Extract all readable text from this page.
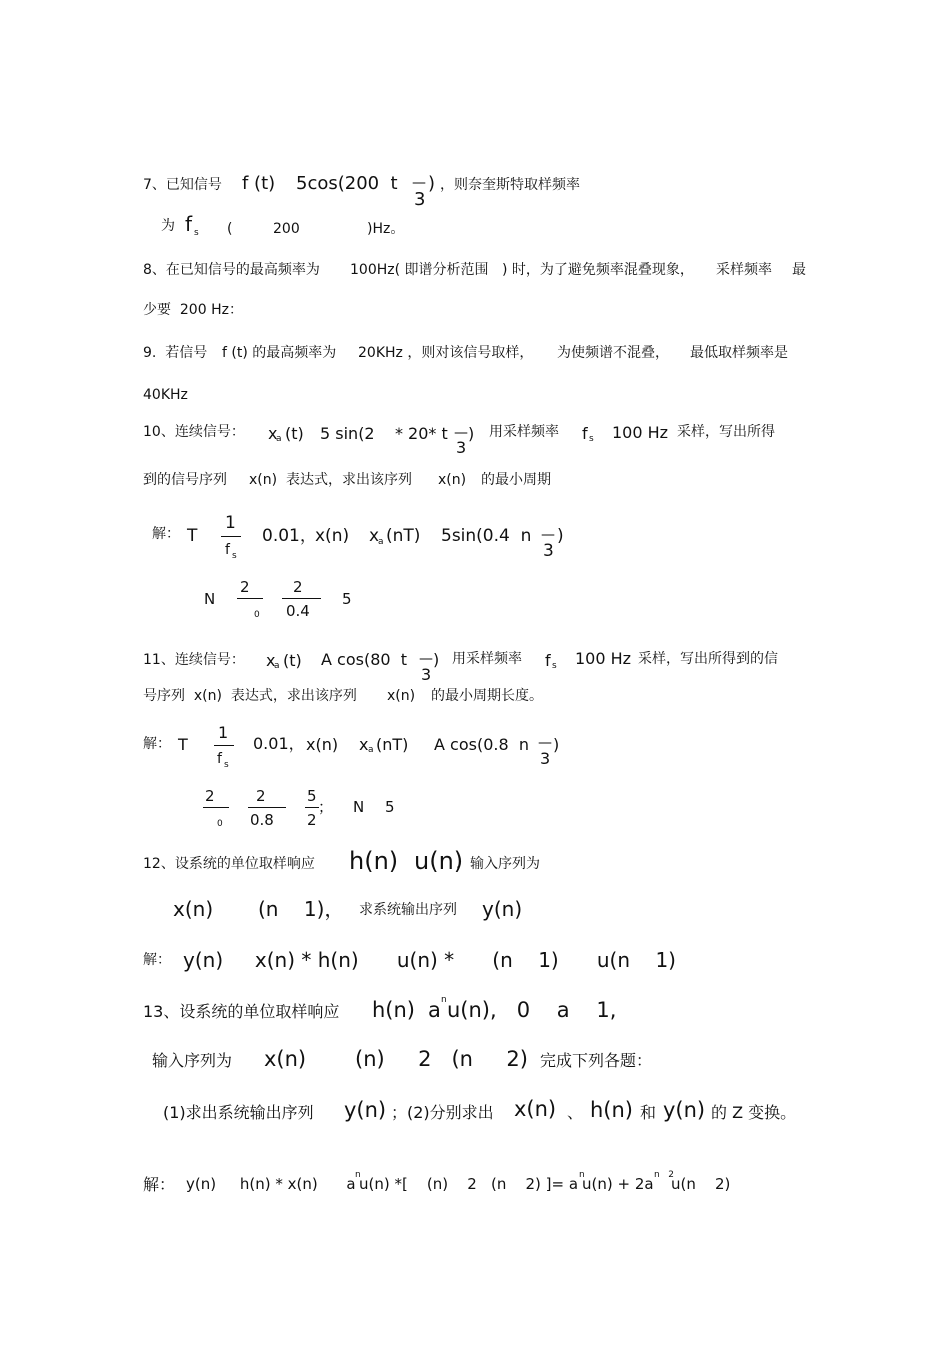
7、已知信号 f (t) 5cos(200  t —
3
) ，则奈奎斯特取样频率
为 f s (	200	)Hz。
8、在已知信号的最高频率为 100Hz( 即谱分析范围 ) 时，为了避免频率混叠现象， 采样频率 最
少要  200 Hz：
9.  若信号 f (t) 的最高频率为 20KHz ，则对该信号取样， 为使频谱不混叠， 最低取样频率是
40KHz
10、连续信号： x
a (t) 5 sin(2    * 20* t —
3
) 用采样频率 f s 100 Hz 采样，写出所得
到的信号序列 x(n)  表达式，求出该序列 x(n) 的最小周期
解： T
1
f s
0.01，
x(n) x
a (nT) 5sin(0.4  n —
3
)
N
2
0
2
0.4
5
11、连续信号： x
a (t) A cos(80  t —
3
) 用采样频率 f s 100 Hz 采样，写出所得到的信
号序列  x(n)  表达式，求出该序列 x(n) 的最小周期长度。
解： T
1
f s
0.01， x(n) x a (nT) A cos(0.8  n —
3
)
2
0
2
0.8
5
2
； N 5
12、设系统的单位取样响应 h(n) u(n)
，输入序列为
x(n) (n    1)， 求系统输出序列 y(n)
解： y(n)     x(n) * h(n)      u(n) *      (n    1)      u(n    1)
13、设系统的单位取样响应 h(n) a n u(n),   0    a    1,
输入序列为 x(n) (n)     2   (n     2) 完成下列各题：
(1)求出系统输出序列 y(n) ；(2)分别求出 x(n) 、 h(n) 和 y(n) 的 Z 变换。
解： y(n)     h(n) * x(n)      a n
u(n) *[    (n)    2   (n    2) ]= a n
u(n) + 2a n   2
u(n    2)
